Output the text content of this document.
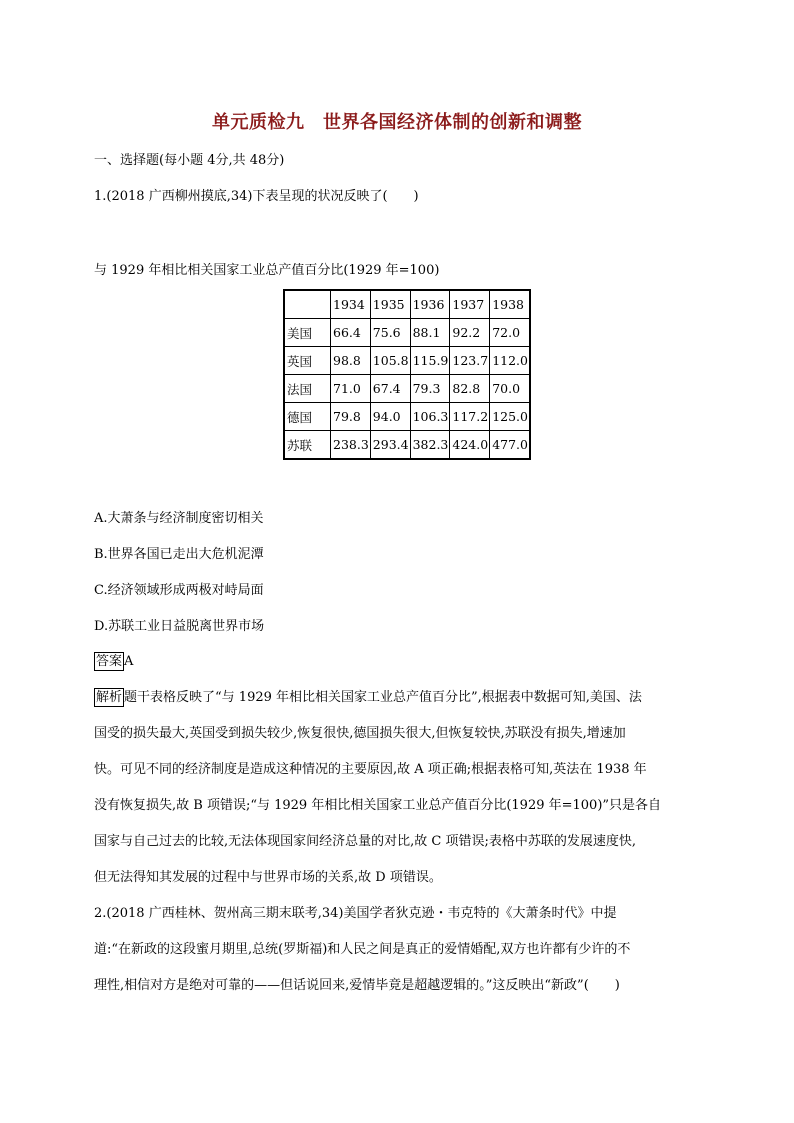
单元质检九　世界各国经济体制的创新和调整
一、选择题(每小题 4分,共 48分)
1.(2018 广西柳州摸底,34)下表呈现的状况反映了(　　)
与 1929 年相比相关国家工业总产值百分比(1929 年=100)
	1934	1935	1936	1937	1938
美国	66.4	75.6	88.1	92.2	72.0
英国	98.8	105.8	115.9	123.7	112.0
法国	71.0	67.4	79.3	82.8	70.0
德国	79.8	94.0	106.3	117.2	125.0
苏联	238.3	293.4	382.3	424.0	477.0
A.大萧条与经济制度密切相关
B.世界各国已走出大危机泥潭
C.经济领域形成两极对峙局面
D.苏联工业日益脱离世界市场
答案 A
解析 题干表格反映了“与 1929 年相比相关国家工业总产值百分比”,根据表中数据可知,美国、法
国受的损失最大,英国受到损失较少,恢复很快,德国损失很大,但恢复较快,苏联没有损失,增速加
快。可见不同的经济制度是造成这种情况的主要原因,故 A 项正确;根据表格可知,英法在 1938 年
没有恢复损失,故 B 项错误;“与 1929 年相比相关国家工业总产值百分比(1929 年=100)”只是各自
国家与自己过去的比较,无法体现国家间经济总量的对比,故 C 项错误;表格中苏联的发展速度快,
但无法得知其发展的过程中与世界市场的关系,故 D 项错误。
2.(2018 广西桂林、贺州高三期末联考,34)美国学者狄克逊・韦克特的《大萧条时代》中提
道:“在新政的这段蜜月期里,总统(罗斯福)和人民之间是真正的爱情婚配,双方也许都有少许的不
理性,相信对方是绝对可靠的——但话说回来,爱情毕竟是超越逻辑的。”这反映出“新政”(　　)
